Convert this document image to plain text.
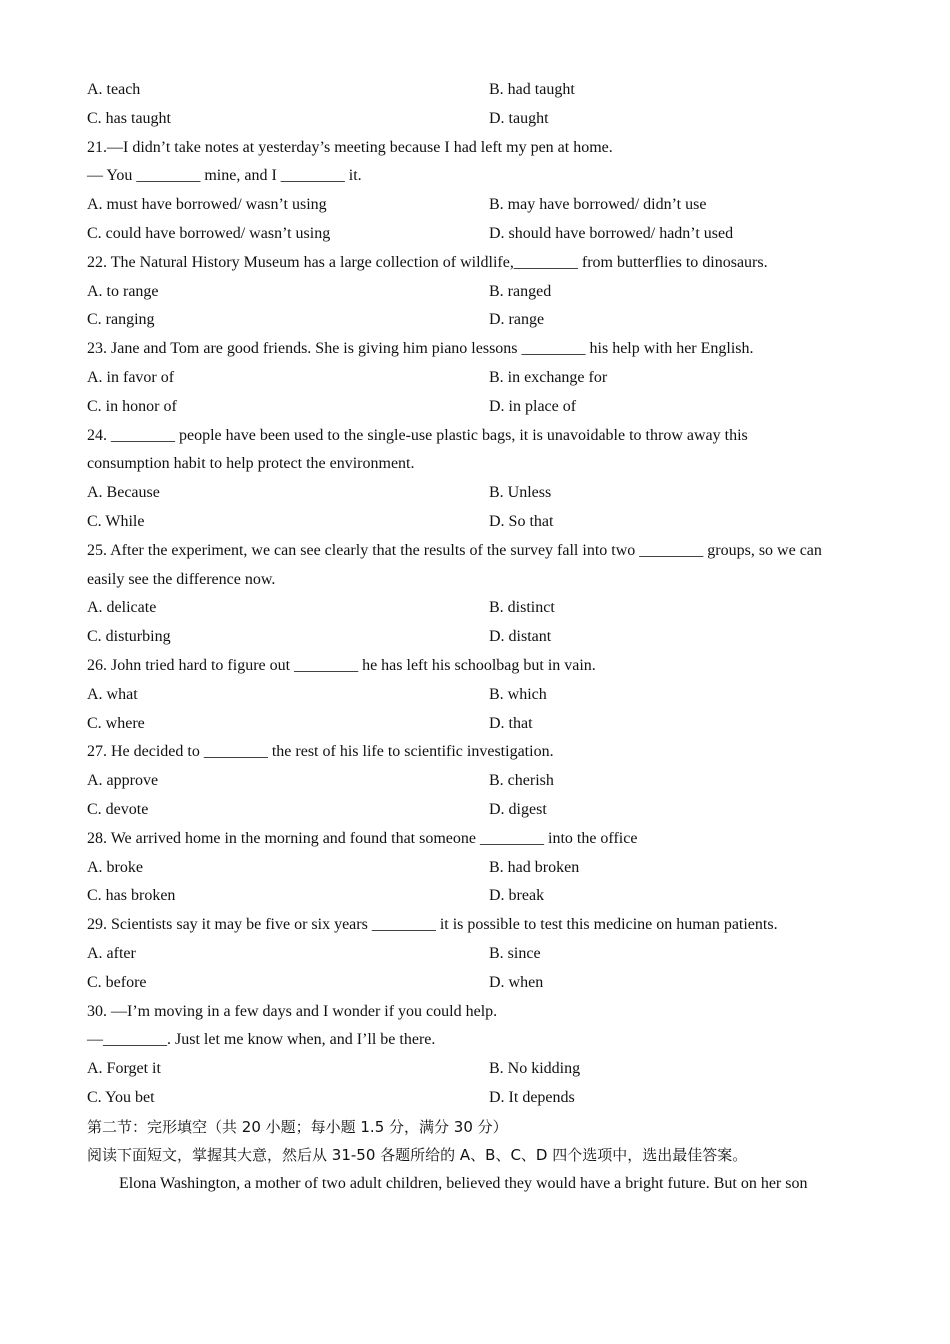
A. teach	B. had taught
C. has taught	D. taught
21.—I didn’t take notes at yesterday’s meeting because I had left my pen at home.
— You ________ mine, and I ________ it.
A. must have borrowed/ wasn’t using	B. may have borrowed/ didn’t use
C. could have borrowed/ wasn’t using	D. should have borrowed/ hadn’t used
22. The Natural History Museum has a large collection of wildlife,________ from butterflies to dinosaurs.
A. to range	B. ranged
C. ranging	D. range
23. Jane and Tom are good friends. She is giving him piano lessons ________ his help with her English.
A. in favor of	B. in exchange for
C. in honor of	D. in place of
24. ________ people have been used to the single-use plastic bags, it is unavoidable to throw away this
consumption habit to help protect the environment.
A. Because	B. Unless
C. While	D. So that
25. After the experiment, we can see clearly that the results of the survey fall into two ________ groups, so we can
easily see the difference now.
A. delicate	B. distinct
C. disturbing	D. distant
26. John tried hard to figure out ________ he has left his schoolbag but in vain.
A. what	B. which
C. where	D. that
27. He decided to ________ the rest of his life to scientific investigation.
A. approve	B. cherish
C. devote	D. digest
28. We arrived home in the morning and found that someone ________ into the office
A. broke	B. had broken
C. has broken	D. break
29. Scientists say it may be five or six years ________ it is possible to test this medicine on human patients.
A. after	B. since
C. before	D. when
30. —I’m moving in a few days and I wonder if you could help.
—________. Just let me know when, and I’ll be there.
A. Forget it	B. No kidding
C. You bet	D. It depends
第二节：完形填空（共 20 小题；每小题 1.5 分，满分 30 分）
阅读下面短文，掌握其大意，然后从 31-50 各题所给的 A、B、C、D 四个选项中，选出最佳答案。
Elona Washington, a mother of two adult children, believed they would have a bright future. But on her son
